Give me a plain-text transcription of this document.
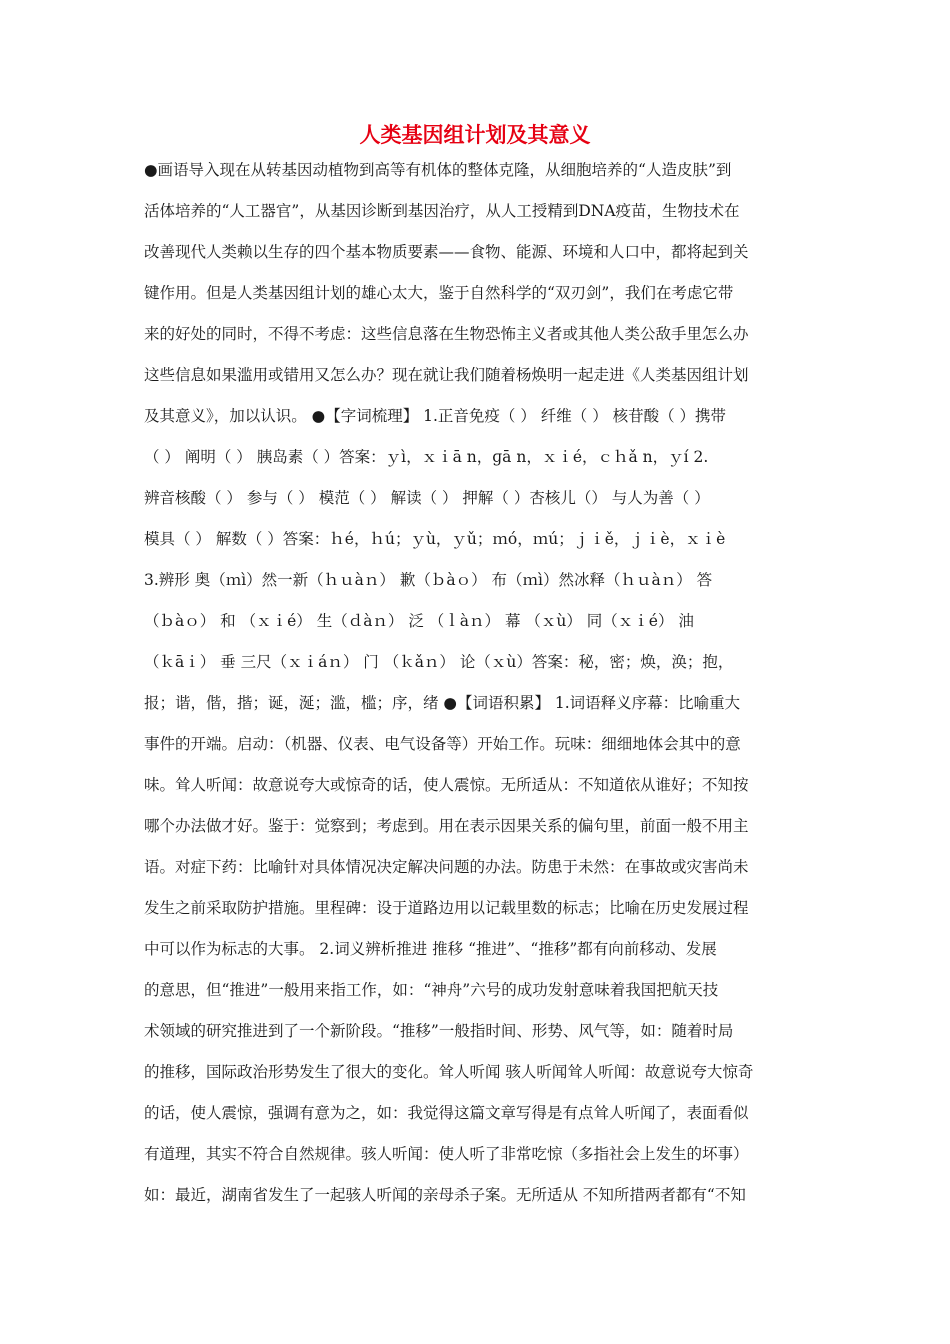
人类基因组计划及其意义
●画语导入现在从转基因动植物到高等有机体的整体克隆，从细胞培养的“人造皮肤”到
活体培养的“人工器官”，从基因诊断到基因治疗，从人工授精到DNA疫苗，生物技术在
改善现代人类赖以生存的四个基本物质要素——食物、能源、环境和人口中，都将起到关
键作用。但是人类基因组计划的雄心太大，鉴于自然科学的“双刃剑”，我们在考虑它带
来的好处的同时，不得不考虑：这些信息落在生物恐怖主义者或其他人类公敌手里怎么办
这些信息如果滥用或错用又怎么办？现在就让我们随着杨焕明一起走进《人类基因组计划
及其意义》，加以认识。 ●【字词梳理】 1.正音免疫（ ） 纤维（ ） 核苷酸（ ）携带
（ ） 阐明（ ） 胰岛素（ ）答案：ｙì，ｘｉā n，ɡā n，ｘｉé，ｃｈǎ n，ｙí 2.
辨音核酸（ ） 参与（ ） 模范（ ） 解读（ ） 押解（ ）杏核儿（） 与人为善（ ）
模具（ ） 解数（ ）答案：ｈé，ｈú；ｙù，ｙǔ；ｍó，ｍú；ｊｉě，ｊｉè，ｘｉè
3.辨形 奥（ｍì）然一新（ｈｕàｎ） 歉（ｂàｏ） 布（ｍì）然冰释（ｈｕàｎ） 答
（ｂàｏ） 和 （ｘｉé） 生（ｄàｎ） 泛 （ｌàｎ） 幕 （ｘù） 同（ｘｉé） 油
（ｋāｉ） 垂 三尺（ｘｉáｎ） 门 （ｋǎｎ） 论（ｘù）答案：秘，密；焕，涣；抱，
报；谐，偕，揩；诞，涎；滥，槛；序，绪 ●【词语积累】 1.词语释义序幕：比喻重大
事件的开端。启动：（机器、仪表、电气设备等）开始工作。玩味：细细地体会其中的意
味。耸人听闻：故意说夸大或惊奇的话，使人震惊。无所适从：不知道依从谁好；不知按
哪个办法做才好。鉴于：觉察到；考虑到。用在表示因果关系的偏句里，前面一般不用主
语。对症下药：比喻针对具体情况决定解决问题的办法。防患于未然：在事故或灾害尚未
发生之前采取防护措施。里程碑：设于道路边用以记载里数的标志；比喻在历史发展过程
中可以作为标志的大事。 2.词义辨析推进 推移 “推进”、“推移”都有向前移动、发展
的意思，但“推进”一般用来指工作，如：“神舟”六号的成功发射意味着我国把航天技
术领域的研究推进到了一个新阶段。“推移”一般指时间、形势、风气等，如：随着时局
的推移，国际政治形势发生了很大的变化。耸人听闻 骇人听闻耸人听闻：故意说夸大惊奇
的话，使人震惊，强调有意为之，如：我觉得这篇文章写得是有点耸人听闻了，表面看似
有道理，其实不符合自然规律。骇人听闻：使人听了非常吃惊（多指社会上发生的坏事）
如：最近，湖南省发生了一起骇人听闻的亲母杀子案。无所适从 不知所措两者都有“不知
